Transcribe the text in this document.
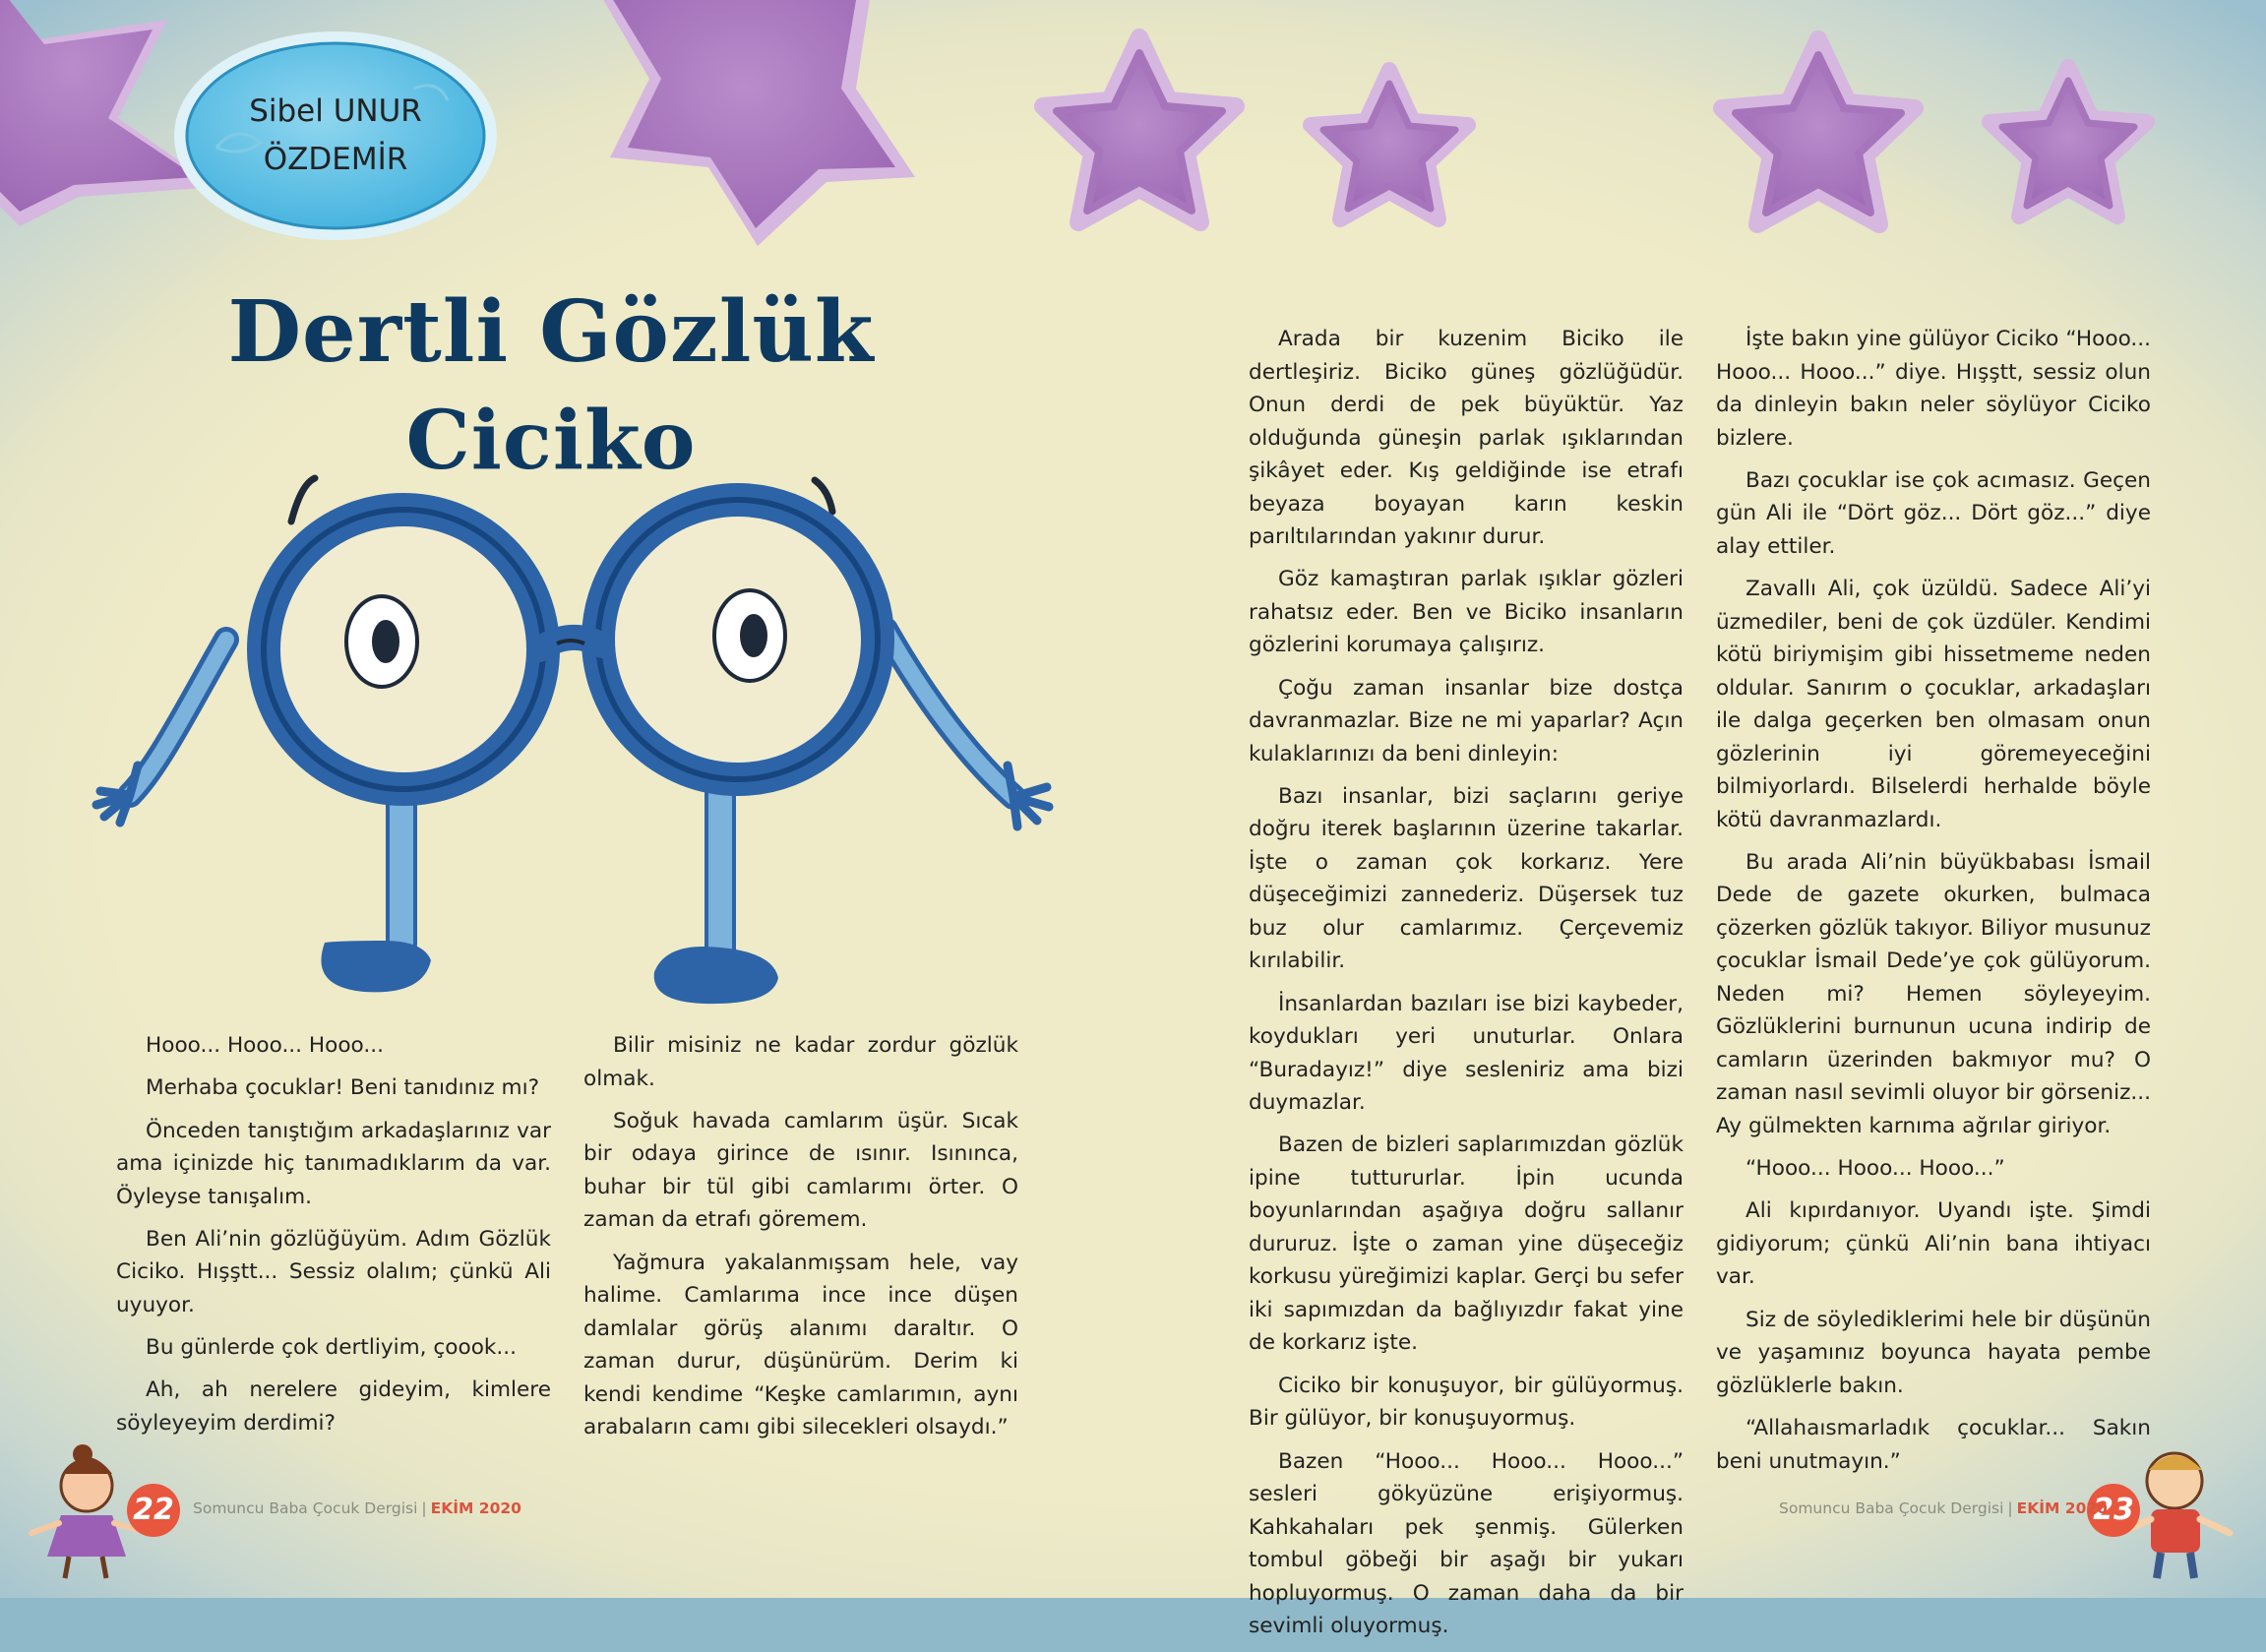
Sibel UNUR
ÖZDEMİR
Dertli Gözlük
Ciciko

Hooo... Hooo... Hooo...

Merhaba çocuklar! Beni tanıdınız mı?

Önceden tanıştığım arkadaşlarınız var ama içinizde hiç tanımadıklarım da var. Öyleyse tanışalım.

Ben Ali’nin gözlüğüyüm. Adım Gözlük Ciciko. Hışştt... Sessiz olalım; çünkü Ali uyuyor.

Bu günlerde çok dertliyim, çoook...

Ah, ah nerelere gideyim, kimlere söyleyeyim derdimi?

Bilir misiniz ne kadar zordur gözlük olmak.

Soğuk havada camlarım üşür. Sıcak bir odaya girince de ısınır. Isınınca, buhar bir tül gibi camlarımı örter. O zaman da etrafı göremem.

Yağmura yakalanmışsam hele, vay halime. Camlarıma ince ince düşen damlalar görüş alanımı daraltır. O zaman durur, düşünürüm. Derim ki kendi kendime “Keşke camlarımın, aynı arabaların camı gibi silecekleri olsaydı.”

Arada bir kuzenim Biciko ile dertleşiriz. Biciko güneş gözlüğüdür. Onun derdi de pek büyüktür. Yaz olduğunda güneşin parlak ışıklarından şikâyet eder. Kış geldiğinde ise etrafı beyaza boyayan karın keskin parıltılarından yakınır durur.

Göz kamaştıran parlak ışıklar gözleri rahatsız eder. Ben ve Biciko insanların gözlerini korumaya çalışırız.

Çoğu zaman insanlar bize dostça davranmazlar. Bize ne mi yaparlar? Açın kulaklarınızı da beni dinleyin:

Bazı insanlar, bizi saçlarını geriye doğru iterek başlarının üzerine takarlar. İşte o zaman çok korkarız. Yere düşeceğimizi zannederiz. Düşersek tuz buz olur camlarımız. Çerçevemiz kırılabilir.

İnsanlardan bazıları ise bizi kaybeder, koydukları yeri unuturlar. Onlara “Buradayız!” diye sesleniriz ama bizi duymazlar.

Bazen de bizleri saplarımızdan gözlük ipine tuttururlar. İpin ucunda boyunlarından aşağıya doğru sallanır dururuz. İşte o zaman yine düşeceğiz korkusu yüreğimizi kaplar. Gerçi bu sefer iki sapımızdan da bağlıyızdır fakat yine de korkarız işte.

Ciciko bir konuşuyor, bir gülüyormuş. Bir gülüyor, bir konuşuyormuş.

Bazen “Hooo... Hooo... Hooo...” sesleri gökyüzüne erişiyormuş. Kahkahaları pek şenmiş. Gülerken tombul göbeği bir aşağı bir yukarı hopluyormuş. O zaman daha da bir sevimli oluyormuş.

İşte bakın yine gülüyor Ciciko “Hooo... Hooo... Hooo...” diye. Hışştt, sessiz olun da dinleyin bakın neler söylüyor Ciciko bizlere.

Bazı çocuklar ise çok acımasız. Geçen gün Ali ile “Dört göz... Dört göz...” diye alay ettiler.

Zavallı Ali, çok üzüldü. Sadece Ali’yi üzmediler, beni de çok üzdüler. Kendimi kötü biriymişim gibi hissetmeme neden oldular. Sanırım o çocuklar, arkadaşları ile dalga geçerken ben olmasam onun gözlerinin iyi göremeyeceğini bilmiyorlardı. Bilselerdi herhalde böyle kötü davranmazlardı.

Bu arada Ali’nin büyükbabası İsmail Dede de gazete okurken, bulmaca çözerken gözlük takıyor. Biliyor musunuz çocuklar İsmail Dede’ye çok gülüyorum. Neden mi? Hemen söyleyeyim. Gözlüklerini burnunun ucuna indirip de camların üzerinden bakmıyor mu? O zaman nasıl sevimli oluyor bir görseniz... Ay gülmekten karnıma ağrılar giriyor.

“Hooo... Hooo... Hooo...”

Ali kıpırdanıyor. Uyandı işte. Şimdi gidiyorum; çünkü Ali’nin bana ihtiyacı var.

Siz de söylediklerimi hele bir düşünün ve yaşamınız boyunca hayata pembe gözlüklerle bakın.

“Allahaısmarladık çocuklar... Sakın beni unutmayın.”

22	Somuncu Baba Çocuk Dergisi | EKİM 2020	23
Somuncu Baba Çocuk Dergisi | EKİM 2020
